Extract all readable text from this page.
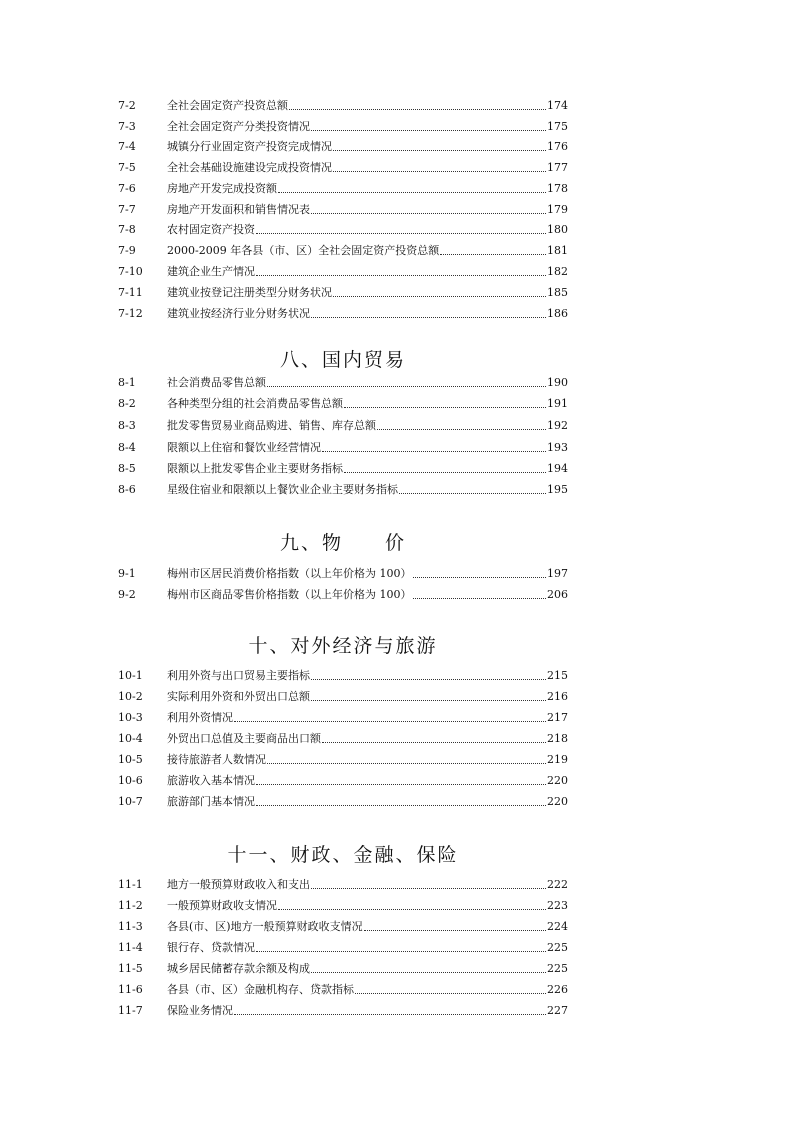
7-2	全社会固定资产投资总额	174
7-3	全社会固定资产分类投资情况	175
7-4	城镇分行业固定资产投资完成情况	176
7-5	全社会基础设施建设完成投资情况	177
7-6	房地产开发完成投资额	178
7-7	房地产开发面积和销售情况表	179
7-8	农村固定资产投资	180
7-9	2000-2009 年各县（市、区）全社会固定资产投资总额	181
7-10 建筑企业生产情况	182
7-11 建筑业按登记注册类型分财务状况	185
7-12 建筑业按经济行业分财务状况	186
八、国内贸易
8-1	社会消费品零售总额	190
8-2	各种类型分组的社会消费品零售总额	191
8-3	批发零售贸易业商品购进、销售、库存总额	192
8-4	限额以上住宿和餐饮业经营情况	193
8-5	限额以上批发零售企业主要财务指标	194
8-6	星级住宿业和限额以上餐饮业企业主要财务指标	195
九、物　　价
9-1	梅州市区居民消费价格指数（以上年价格为 100）	197
9-2	梅州市区商品零售价格指数（以上年价格为 100）	206
十、对外经济与旅游
10-1 利用外资与出口贸易主要指标	215
10-2 实际利用外资和外贸出口总额	216
10-3 利用外资情况	217
10-4 外贸出口总值及主要商品出口额	218
10-5 接待旅游者人数情况	219
10-6 旅游收入基本情况	220
10-7 旅游部门基本情况	220
十一、财政、金融、保险
11-1 地方一般预算财政收入和支出	222
11-2 一般预算财政收支情况	223
11-3 各县(市、区)地方一般预算财政收支情况	224
11-4 银行存、贷款情况	225
11-5 城乡居民储蓄存款余额及构成	225
11-6 各县（市、区）金融机构存、贷款指标	226
11-7 保险业务情况	227
